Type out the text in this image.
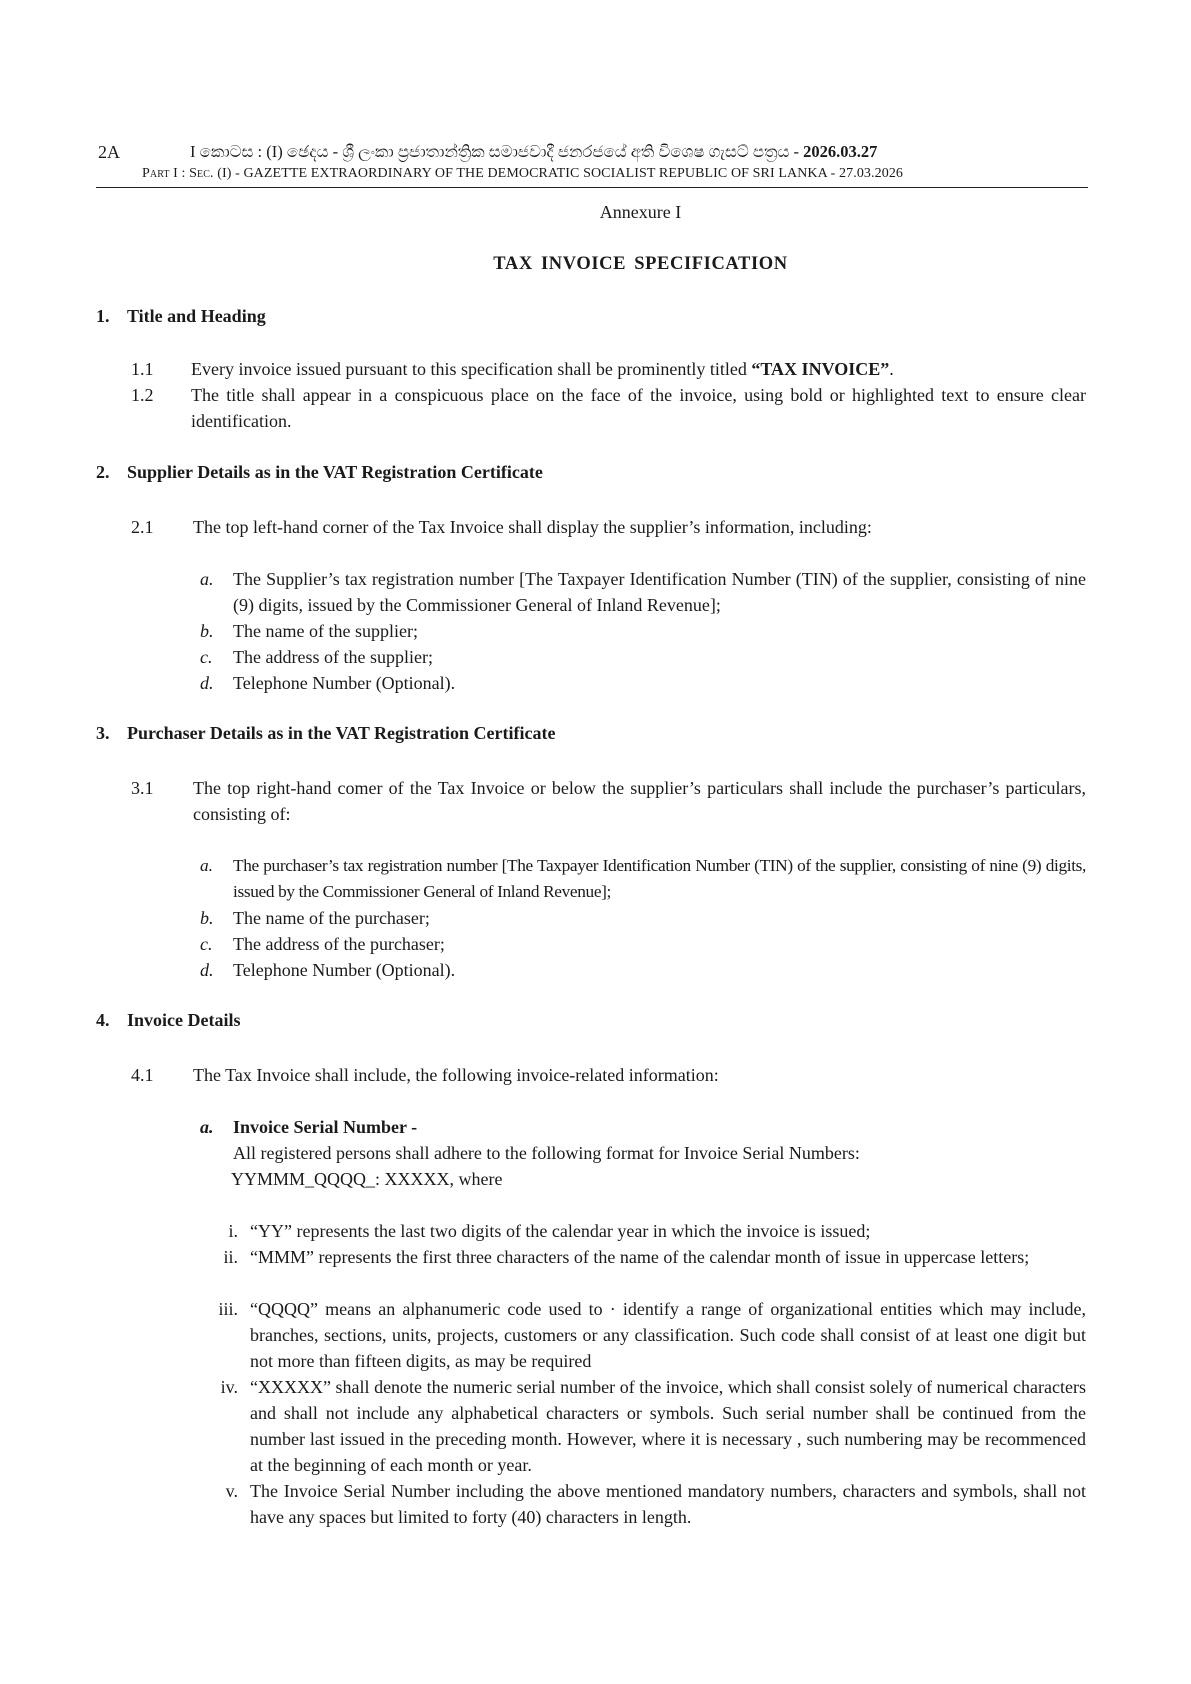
2A	I කොටස : (I) ඡෙදය - ශ්‍රී ලංකා ප්‍රජාතාන්ත්‍රික සමාජවාදී ජනරජයේ අති විශෙෂ ගැසට් පත්‍රය - 2026.03.27
Part I : Sec. (I) - GAZETTE EXTRAORDINARY OF THE DEMOCRATIC SOCIALIST REPUBLIC OF SRI LANKA - 27.03.2026
Annexure I
TAX INVOICE SPECIFICATION
1. Title and Heading
1.1 Every invoice issued pursuant to this specification shall be prominently titled “TAX INVOICE”.
1.2 The title shall appear in a conspicuous place on the face of the invoice, using bold or highlighted text to ensure clear identification.
2. Supplier Details as in the VAT Registration Certificate
2.1 The top left-hand corner of the Tax Invoice shall display the supplier’s information, including:
a. The Supplier’s tax registration number [The Taxpayer Identification Number (TIN) of the supplier, consisting of nine (9) digits, issued by the Commissioner General of Inland Revenue];
b. The name of the supplier;
c. The address of the supplier;
d. Telephone Number (Optional).
3. Purchaser Details as in the VAT Registration Certificate
3.1 The top right-hand comer of the Tax Invoice or below the supplier’s particulars shall include the purchaser’s particulars, consisting of:
a. The purchaser’s tax registration number [The Taxpayer Identification Number (TIN) of the supplier, consisting of nine (9) digits, issued by the Commissioner General of Inland Revenue];
b. The name of the purchaser;
c. The address of the purchaser;
d. Telephone Number (Optional).
4. Invoice Details
4.1 The Tax Invoice shall include, the following invoice-related information:
a. Invoice Serial Number -
All registered persons shall adhere to the following format for Invoice Serial Numbers:
YYMMM_QQQQ_: XXXXX, where
i. “YY” represents the last two digits of the calendar year in which the invoice is issued;
ii. “MMM” represents the first three characters of the name of the calendar month of issue in uppercase letters;
iii. “QQQQ” means an alphanumeric code used to · identify a range of organizational entities which may include, branches, sections, units, projects, customers or any classification. Such code shall consist of at least one digit but not more than fifteen digits, as may be required
iv. “XXXXX” shall denote the numeric serial number of the invoice, which shall consist solely of numerical characters and shall not include any alphabetical characters or symbols. Such serial number shall be continued from the number last issued in the preceding month. However, where it is necessary , such numbering may be recommenced at the beginning of each month or year.
v. The Invoice Serial Number including the above mentioned mandatory numbers, characters and symbols, shall not have any spaces but limited to forty (40) characters in length.
